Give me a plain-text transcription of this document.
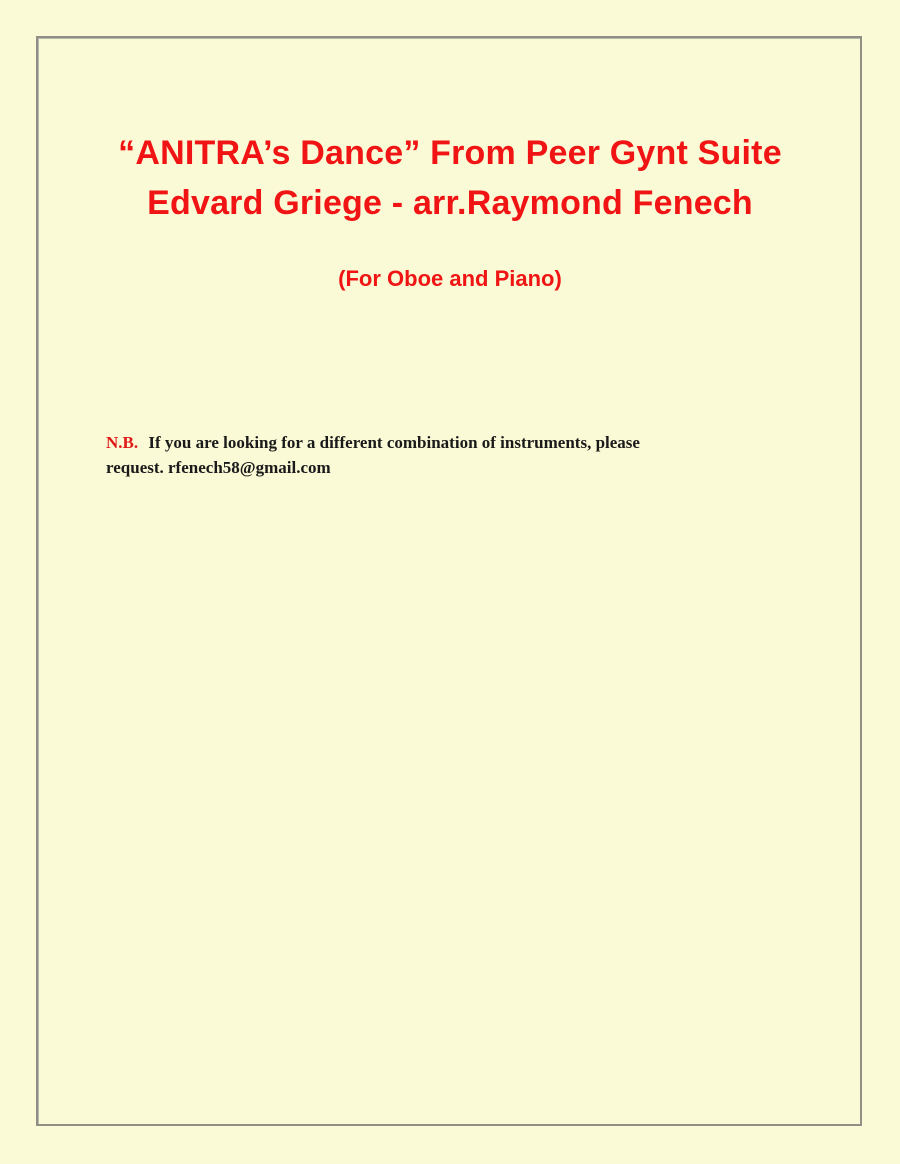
“ANITRA’s Dance” From Peer Gynt Suite
Edvard Griege - arr.Raymond Fenech
(For Oboe and Piano)
N.B. If you are looking for a different combination of instruments, please
request. rfenech58@gmail.com
